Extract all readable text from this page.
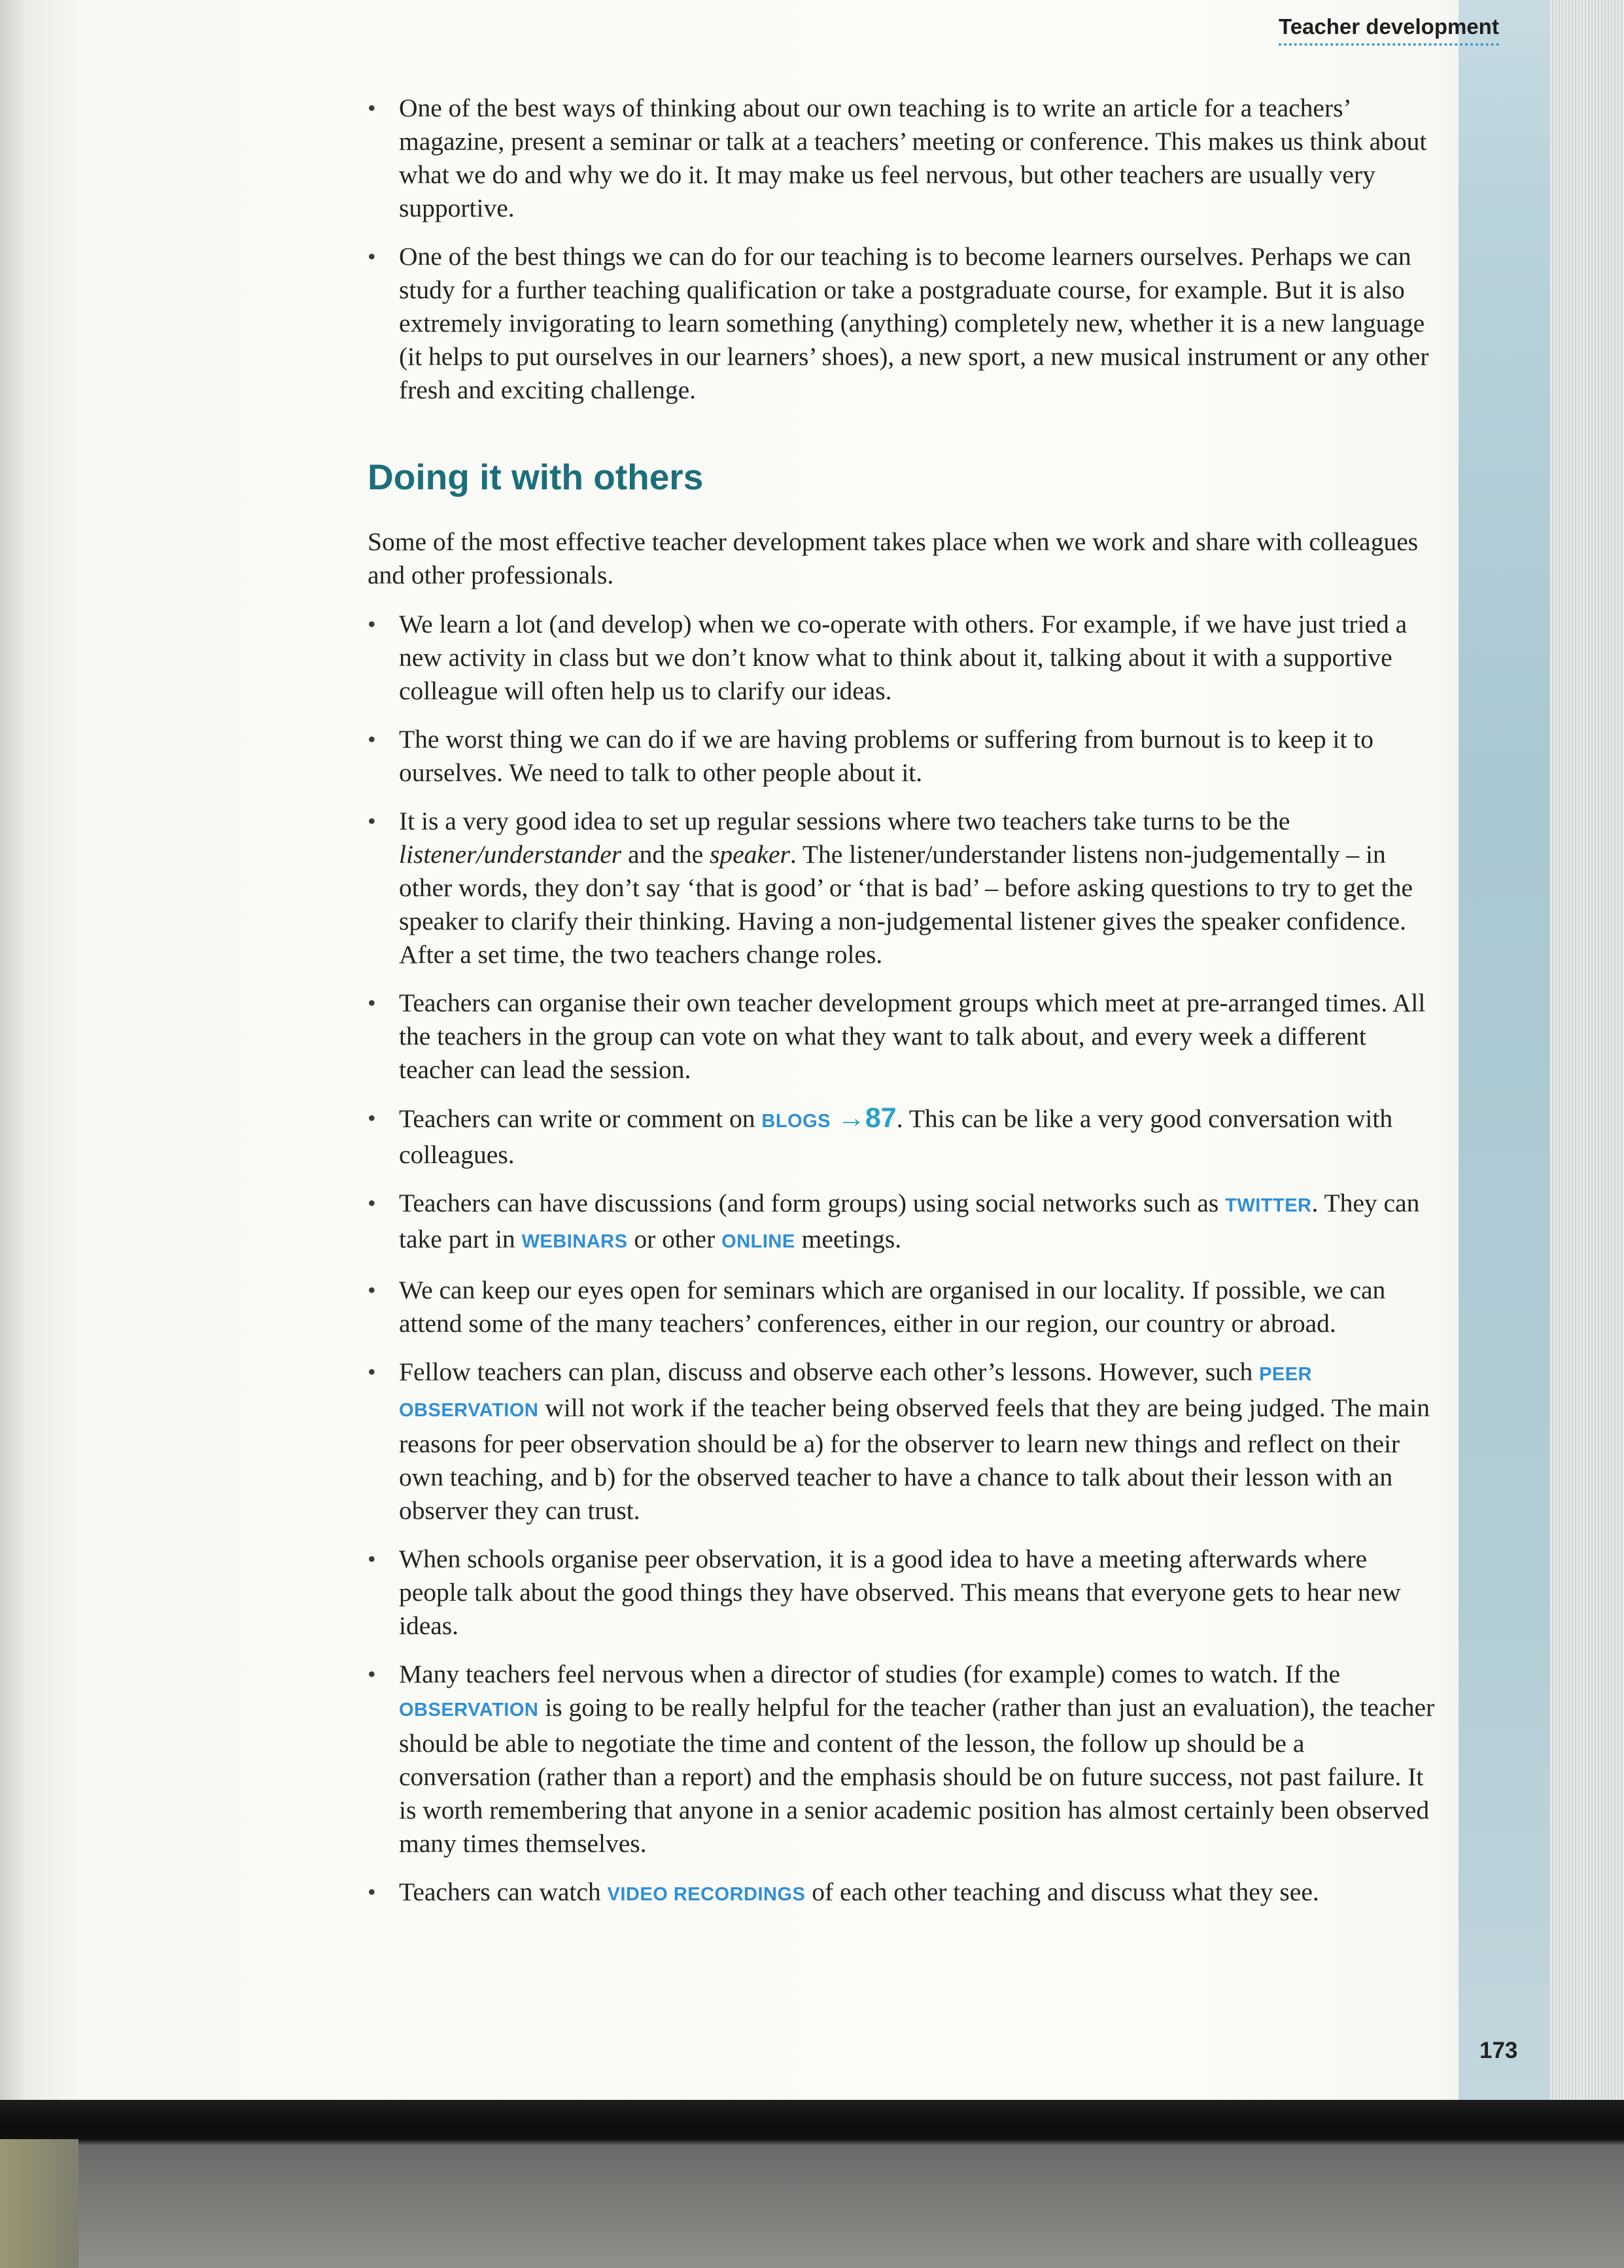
Teacher development
• One of the best ways of thinking about our own teaching is to write an article for a teachers’ magazine, present a seminar or talk at a teachers’ meeting or conference. This makes us think about what we do and why we do it. It may make us feel nervous, but other teachers are usually very supportive.
• One of the best things we can do for our teaching is to become learners ourselves. Perhaps we can study for a further teaching qualification or take a postgraduate course, for example. But it is also extremely invigorating to learn something (anything) completely new, whether it is a new language (it helps to put ourselves in our learners’ shoes), a new sport, a new musical instrument or any other fresh and exciting challenge.
Doing it with others

Some of the most effective teacher development takes place when we work and share with colleagues and other professionals.

• We learn a lot (and develop) when we co-operate with others. For example, if we have just tried a new activity in class but we don’t know what to think about it, talking about it with a supportive colleague will often help us to clarify our ideas.
• The worst thing we can do if we are having problems or suffering from burnout is to keep it to ourselves. We need to talk to other people about it.
• It is a very good idea to set up regular sessions where two teachers take turns to be the listener/understander and the speaker. The listener/understander listens non-judgementally – in other words, they don’t say ‘that is good’ or ‘that is bad’ – before asking questions to try to get the speaker to clarify their thinking. Having a non-judgemental listener gives the speaker confidence. After a set time, the two teachers change roles.
• Teachers can organise their own teacher development groups which meet at pre-arranged times. All the teachers in the group can vote on what they want to talk about, and every week a different teacher can lead the session.
• Teachers can write or comment on BLOGS →87. This can be like a very good conversation with colleagues.
• Teachers can have discussions (and form groups) using social networks such as TWITTER. They can take part in WEBINARS or other ONLINE meetings.
• We can keep our eyes open for seminars which are organised in our locality. If possible, we can attend some of the many teachers’ conferences, either in our region, our country or abroad.
• Fellow teachers can plan, discuss and observe each other’s lessons. However, such PEER OBSERVATION will not work if the teacher being observed feels that they are being judged. The main reasons for peer observation should be a) for the observer to learn new things and reflect on their own teaching, and b) for the observed teacher to have a chance to talk about their lesson with an observer they can trust.
• When schools organise peer observation, it is a good idea to have a meeting afterwards where people talk about the good things they have observed. This means that everyone gets to hear new ideas.
• Many teachers feel nervous when a director of studies (for example) comes to watch. If the OBSERVATION is going to be really helpful for the teacher (rather than just an evaluation), the teacher should be able to negotiate the time and content of the lesson, the follow up should be a conversation (rather than a report) and the emphasis should be on future success, not past failure. It is worth remembering that anyone in a senior academic position has almost certainly been observed many times themselves.
• Teachers can watch VIDEO RECORDINGS of each other teaching and discuss what they see.
173
